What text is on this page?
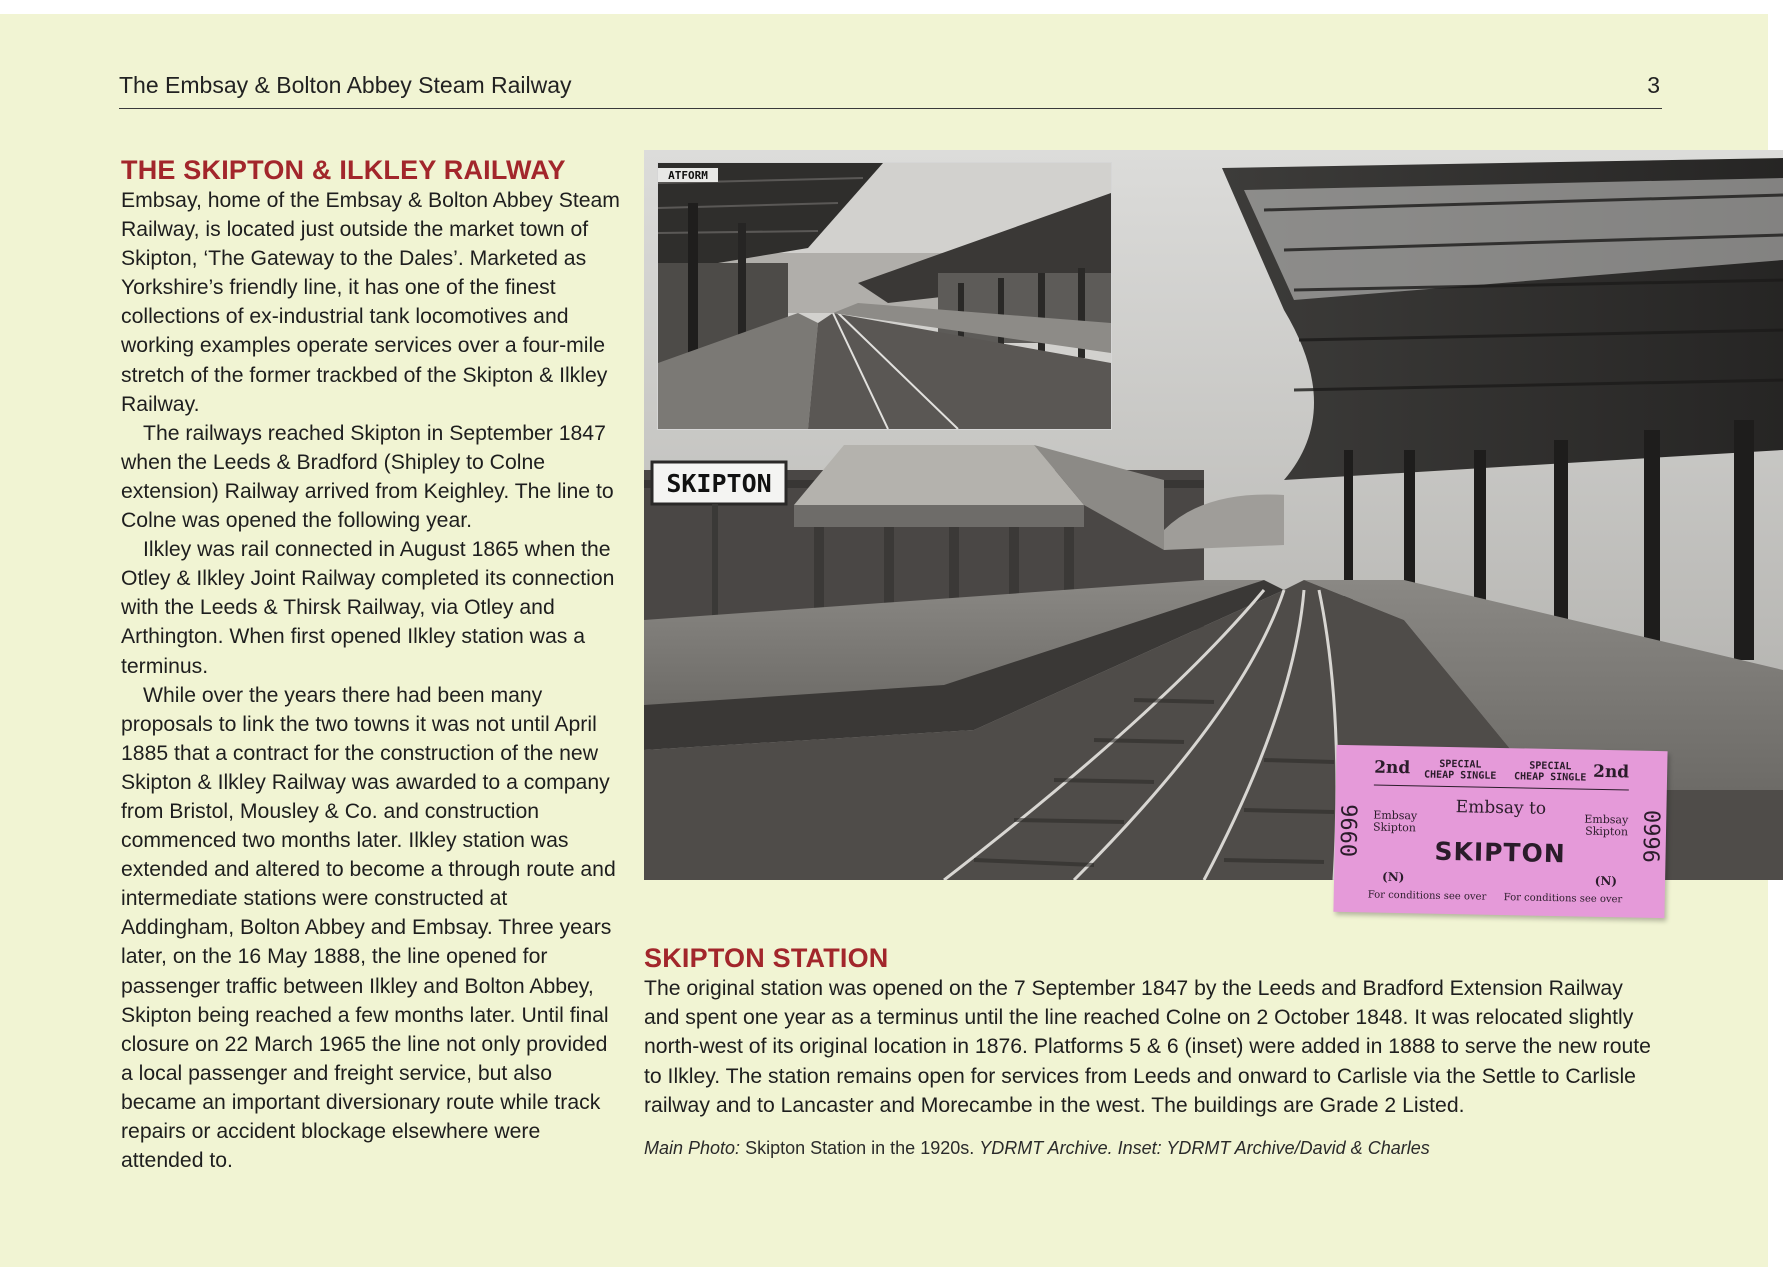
The Embsay & Bolton Abbey Steam Railway	3
THE SKIPTON & ILKLEY RAILWAY

Embsay, home of the Embsay & Bolton Abbey Steam Railway, is located just outside the market town of Skipton, ‘The Gateway to the Dales’. Marketed as Yorkshire’s friendly line, it has one of the finest collections of ex-industrial tank locomotives and working examples operate services over a four-mile stretch of the former trackbed of the Skipton & Ilkley Railway.

The railways reached Skipton in September 1847 when the Leeds & Bradford (Shipley to Colne extension) Railway arrived from Keighley. The line to Colne was opened the following year.

Ilkley was rail connected in August 1865 when the Otley & Ilkley Joint Railway completed its connection with the Leeds & Thirsk Railway, via Otley and Arthington. When first opened Ilkley station was a terminus.

While over the years there had been many proposals to link the two towns it was not until April 1885 that a contract for the construction of the new Skipton & Ilkley Railway was awarded to a company from Bristol, Mousley & Co. and construction commenced two months later. Ilkley station was extended and altered to become a through route and intermediate stations were constructed at Addingham, Bolton Abbey and Embsay. Three years later, on the 16 May 1888, the line opened for passenger traffic between Ilkley and Bolton Abbey, Skipton being reached a few months later. Until final closure on 22 March 1965 the line not only provided a local passenger and freight service, but also became an important diversionary route while track repairs or accident blockage elsewhere were attended to.

SKIPTON
ATFORM
0996	0996
2nd	SPECIAL
CHEAP SINGLE
SPECIAL
CHEAP SINGLE 2nd
Embsay to
Embsay
Skipton
Embsay
Skipton
SKIPTON
(N)	(N)
For conditions see over For conditions see over
SKIPTON STATION

The original station was opened on the 7 September 1847 by the Leeds and Bradford Extension Railway and spent one year as a terminus until the line reached Colne on 2 October 1848. It was relocated slightly north-west of its original location in 1876. Platforms 5 & 6 (inset) were added in 1888 to serve the new route to Ilkley. The station remains open for services from Leeds and onward to Carlisle via the Settle to Carlisle railway and to Lancaster and Morecambe in the west. The buildings are Grade 2 Listed.

Main Photo: Skipton Station in the 1920s. YDRMT Archive. Inset: YDRMT Archive/David & Charles
